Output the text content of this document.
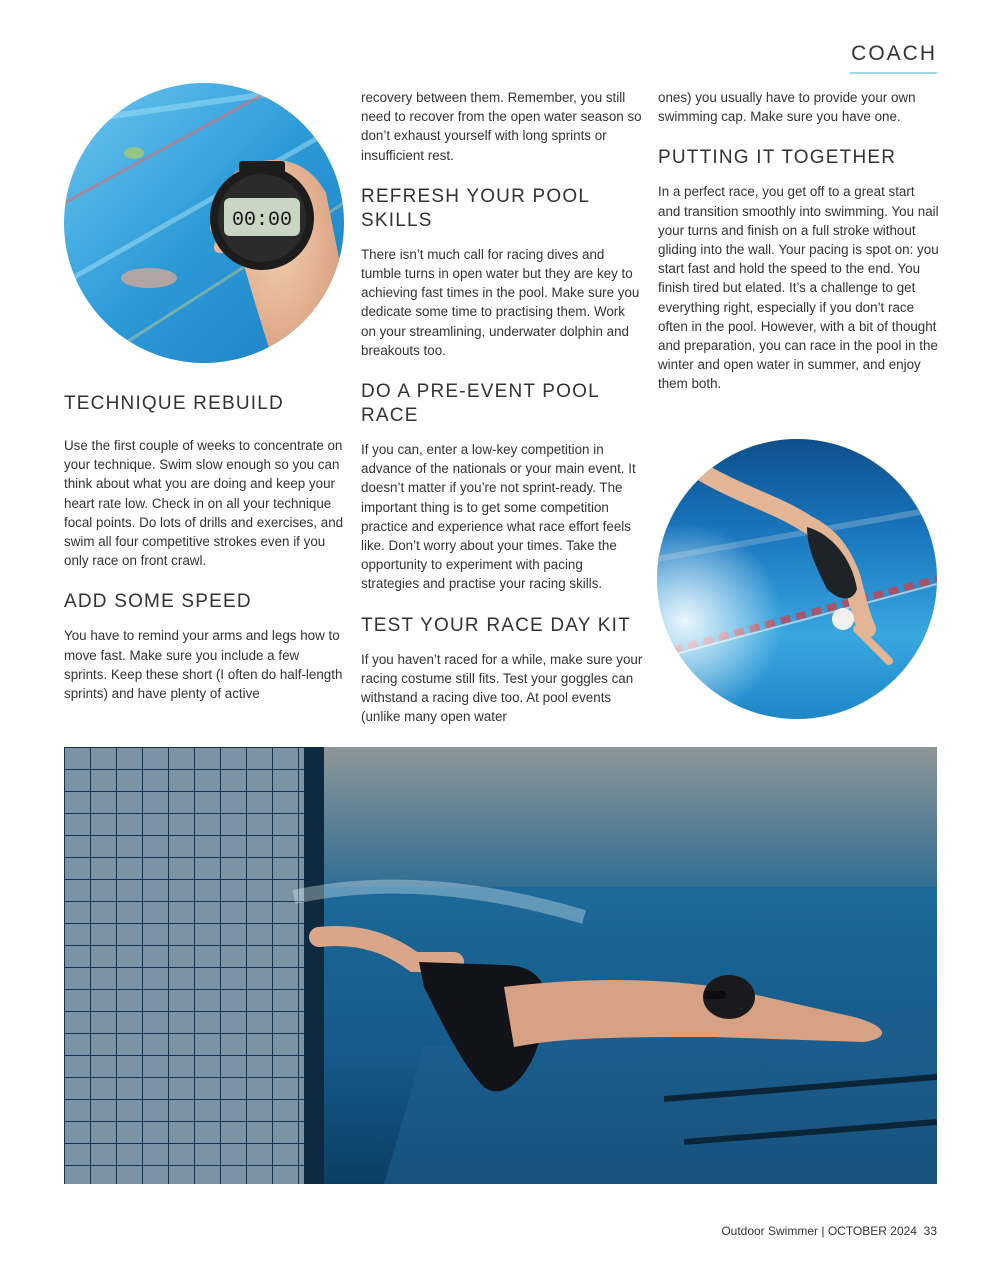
COACH
00:00
TECHNIQUE REBUILD

Use the first couple of weeks to concentrate on your technique. Swim slow enough so you can think about what you are doing and keep your heart rate low. Check in on all your technique focal points. Do lots of drills and exercises, and swim all four competitive strokes even if you only race on front crawl.

ADD SOME SPEED

You have to remind your arms and legs how to move fast. Make sure you include a few sprints. Keep these short (I often do half-length sprints) and have plenty of active

recovery between them. Remember, you still need to recover from the open water season so don’t exhaust yourself with long sprints or insufficient rest.

REFRESH YOUR POOL SKILLS

There isn’t much call for racing dives and tumble turns in open water but they are key to achieving fast times in the pool. Make sure you dedicate some time to practising them. Work on your streamlining, underwater dolphin and breakouts too.

DO A PRE-EVENT POOL RACE

If you can, enter a low-key competition in advance of the nationals or your main event. It doesn’t matter if you’re not sprint-ready. The important thing is to get some competition practice and experience what race effort feels like. Don’t worry about your times. Take the opportunity to experiment with pacing strategies and practise your racing skills.

TEST YOUR RACE DAY KIT

If you haven’t raced for a while, make sure your racing costume still fits. Test your goggles can withstand a racing dive too. At pool events (unlike many open water

ones) you usually have to provide your own swimming cap. Make sure you have one.

PUTTING IT TOGETHER

In a perfect race, you get off to a great start and transition smoothly into swimming. You nail your turns and finish on a full stroke without gliding into the wall. Your pacing is spot on: you start fast and hold the speed to the end. You finish tired but elated. It’s a challenge to get everything right, especially if you don’t race often in the pool. However, with a bit of thought and preparation, you can race in the pool in the winter and open water in summer, and enjoy them both.

Outdoor Swimmer | OCTOBER 2024 33
